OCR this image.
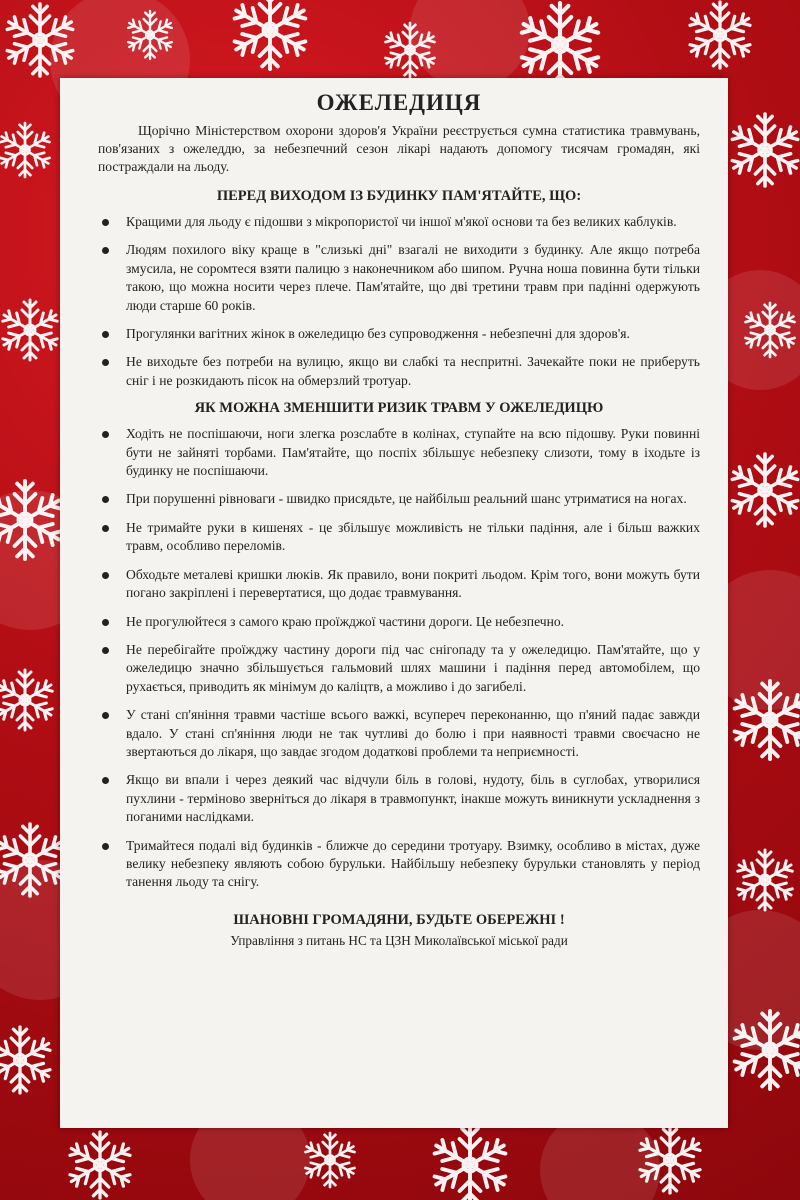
ОЖЕЛЕДИЦЯ

Щорічно Міністерством охорони здоров'я України реєструється сумна статистика травмувань, пов'язаних з ожеледдю, за небезпечний сезон лікарі надають допомогу тисячам громадян, які постраждали на льоду.

ПЕРЕД ВИХОДОМ ІЗ БУДИНКУ ПАМ'ЯТАЙТЕ, ЩО:
Кращими для льоду є підошви з мікропористої чи іншої м'якої основи та без великих каблуків.
Людям похилого віку краще в "слизькі дні" взагалі не виходити з будинку. Але якщо потреба змусила, не соромтеся взяти палицю з наконечником або шипом. Ручна ноша повинна бути тільки такою, що можна носити через плече. Пам'ятайте, що дві третини травм при падінні одержують люди старше 60 років.
Прогулянки вагітних жінок в ожеледицю без супроводження - небезпечні для здоров'я.
Не виходьте без потреби на вулицю, якщо ви слабкі та неспритні. Зачекайте поки не приберуть сніг і не розкидають пісок на обмерзлий тротуар.
ЯК МОЖНА ЗМЕНШИТИ РИЗИК ТРАВМ У ОЖЕЛЕДИЦЮ
Ходіть не поспішаючи, ноги злегка розслабте в колінах, ступайте на всю підошву. Руки повинні бути не зайняті торбами. Пам'ятайте, що поспіх збільшує небезпеку слизоти, тому в іходьте із будинку не поспішаючи.
При порушенні рівноваги - швидко присядьте, це найбільш реальний шанс утриматися на ногах.
Не тримайте руки в кишенях - це збільшує можливість не тільки падіння, але і більш важких травм, особливо переломів.
Обходьте металеві кришки люків. Як правило, вони покриті льодом. Крім того, вони можуть бути погано закріплені і перевертатися, що додає травмування.
Не прогулюйтеся з самого краю проїжджої частини дороги. Це небезпечно.
Не перебігайте проїжджу частину дороги під час снігопаду та у ожеледицю. Пам'ятайте, що у ожеледицю значно збільшується гальмовий шлях машини і падіння перед автомобілем, що рухається, приводить як мінімум до каліцтв, а можливо і до загибелі.
У стані сп'яніння травми частіше всього важкі, всупереч переконанню, що п'яний падає завжди вдало. У стані сп'яніння люди не так чутливі до болю і при наявності травми своєчасно не звертаються до лікаря, що завдає згодом додаткові проблеми та неприємності.
Якщо ви впали і через деякий час відчули біль в голові, нудоту, біль в суглобах, утворилися пухлини - терміново зверніться до лікаря в травмопункт, інакше можуть виникнути ускладнення з поганими наслідками.
Тримайтеся подалі від будинків - ближче до середини тротуару. Взимку, особливо в містах, дуже велику небезпеку являють собою бурульки. Найбільшу небезпеку бурульки становлять у період танення льоду та снігу.
ШАНОВНІ ГРОМАДЯНИ, БУДЬТЕ ОБЕРЕЖНІ !
Управління з питань НС та ЦЗН Миколаївської міської ради
